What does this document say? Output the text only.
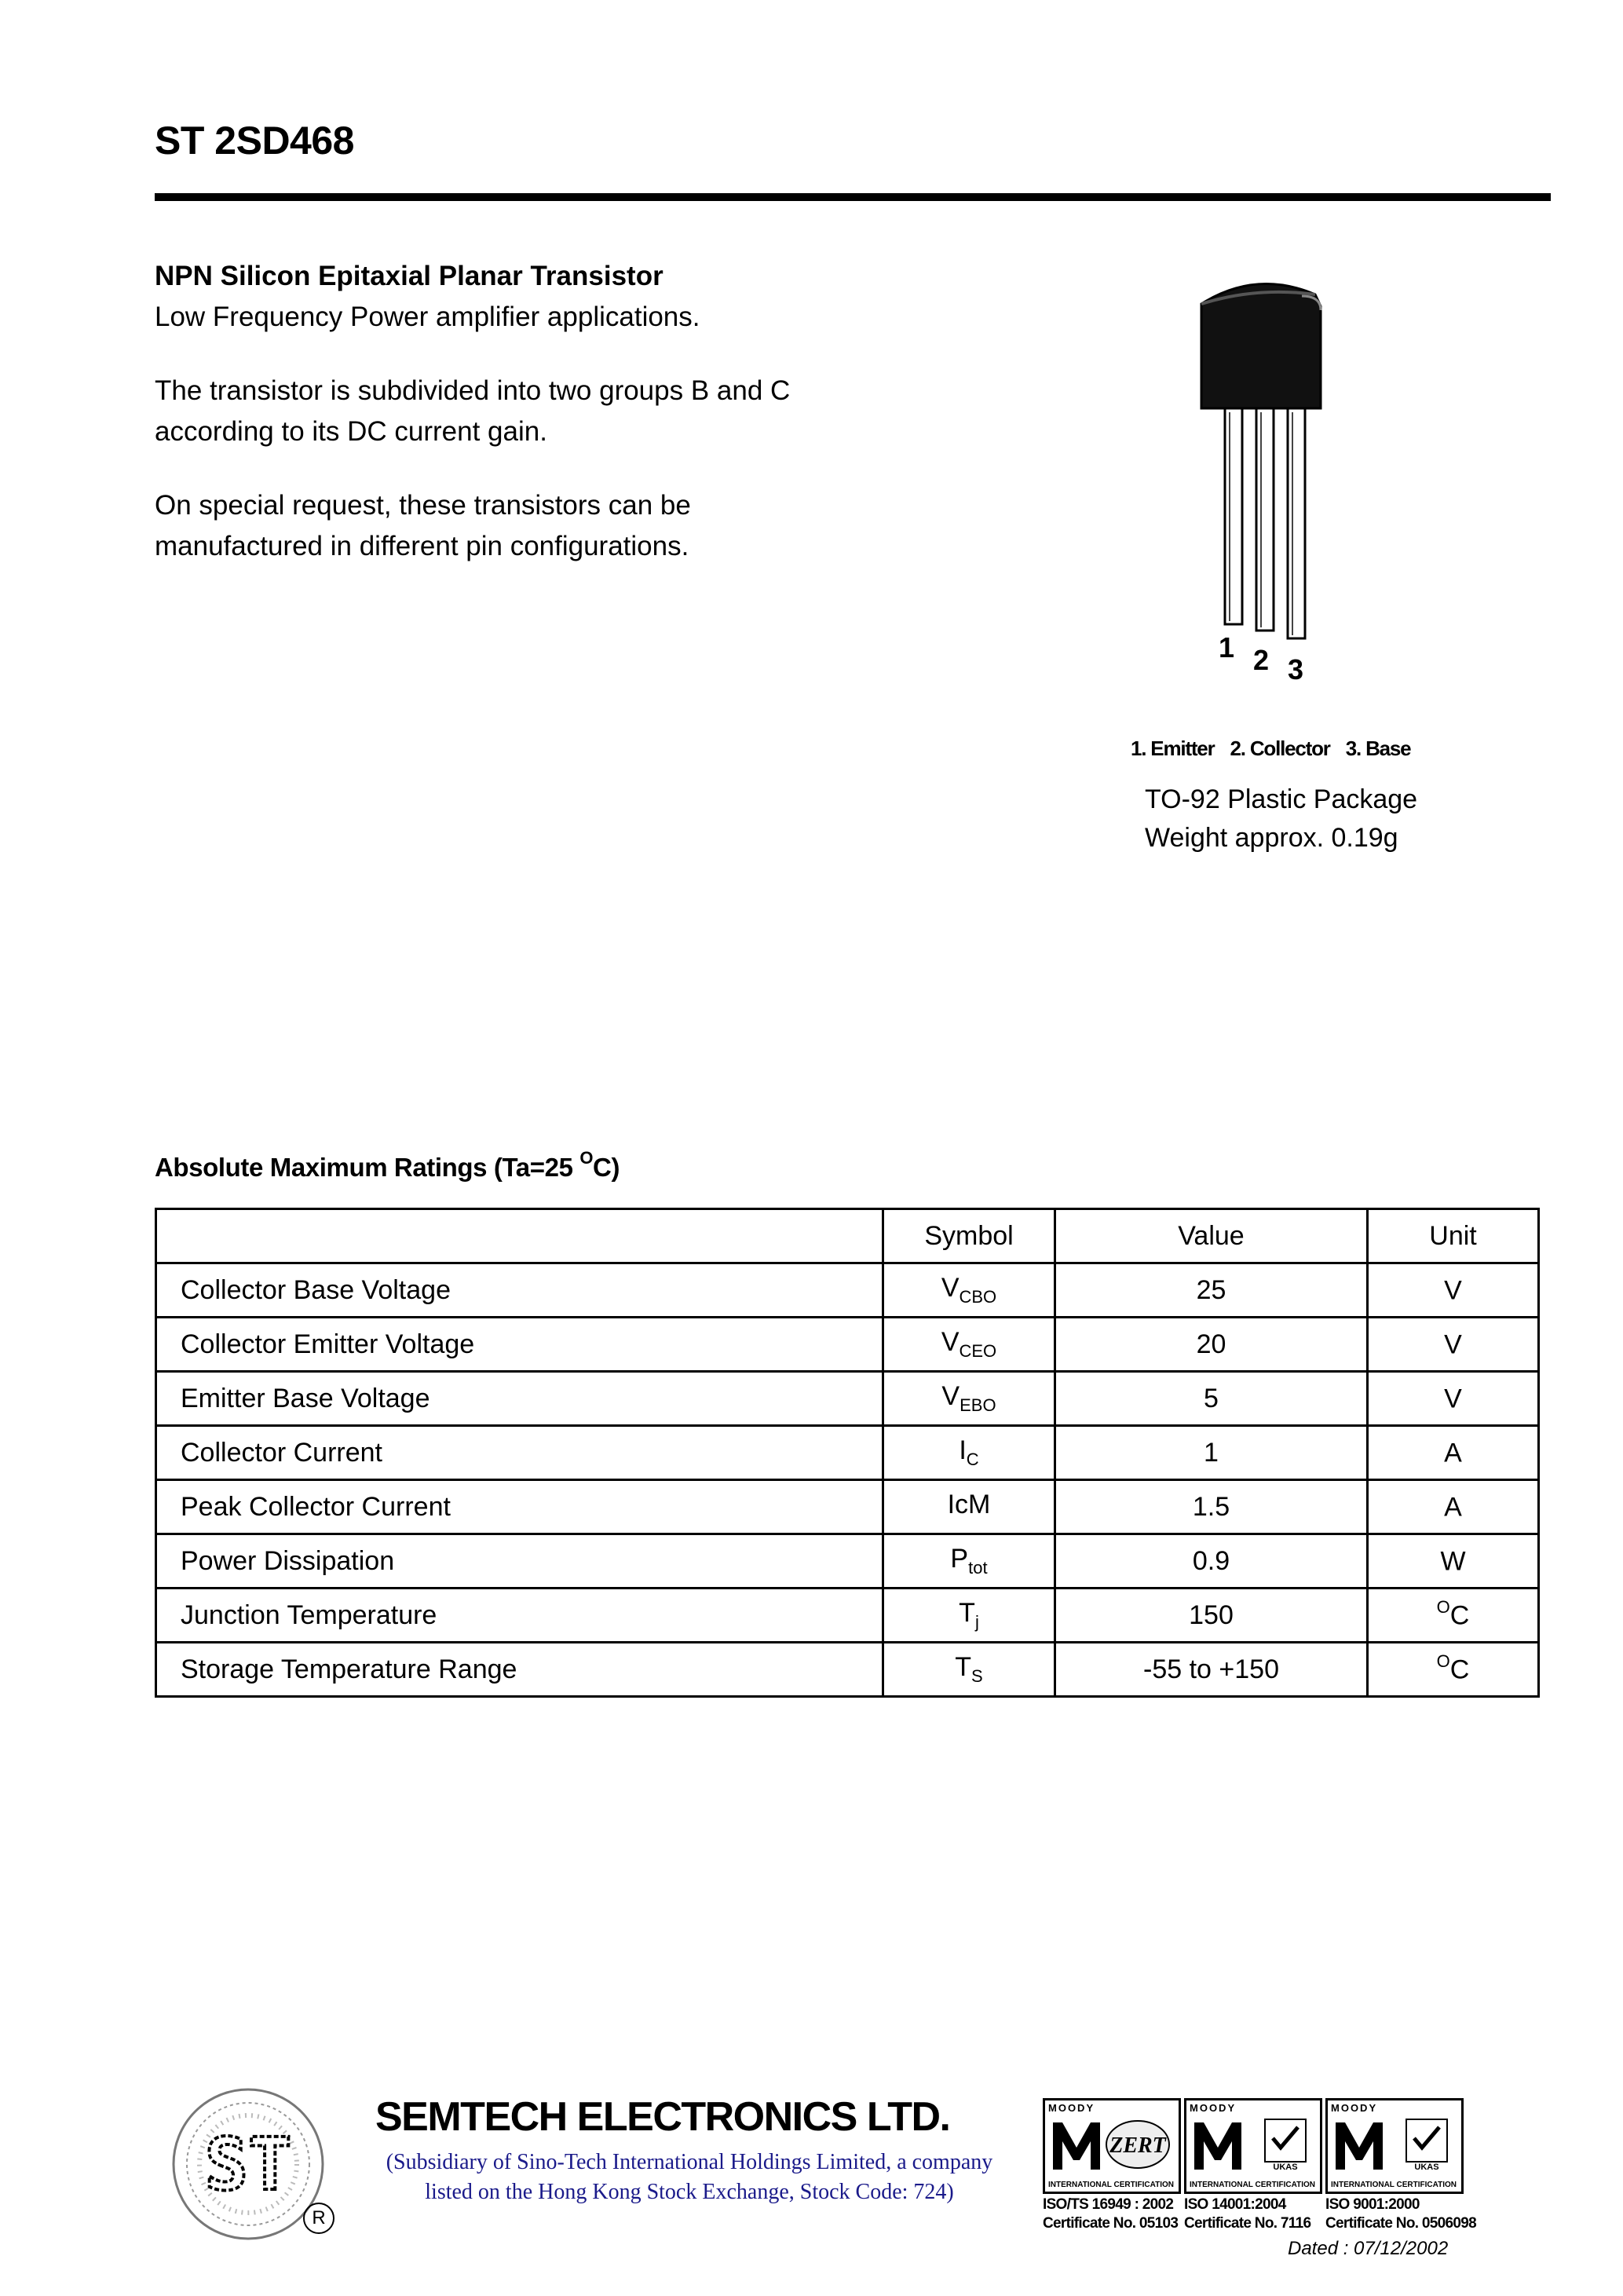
ST 2SD468

NPN Silicon Epitaxial Planar Transistor

Low Frequency Power amplifier applications.

The transistor is subdivided into two groups B and C

according to its DC current gain.

On special request, these transistors can be

manufactured in different pin configurations.

1 2 3
1. Emitter 2. Collector 3. Base
TO-92 Plastic Package
Weight approx. 0.19g
Absolute Maximum Ratings (Ta=25 $^O$C)
	Symbol	Value	Unit
Collector Base Voltage	$V_{CBO}$	25	V
Collector Emitter Voltage	$V_{CEO}$	20	V
Emitter Base Voltage	$V_{EBO}$	5	V
Collector Current	$I_C$	1	A
Peak Collector Current	IcM	1.5	A
Power Dissipation	$P_{tot}$	0.9	W
Junction Temperature	$T_j$	150	$^O$C
Storage Temperature Range	$T_S$	-55 to +150	$^O$C
ST
R
SEMTECH ELECTRONICS LTD.
(Subsidiary of Sino-Tech International Holdings Limited, a company
listed on the Hong Kong Stock Exchange, Stock Code: 724)
MOODY
ZERT
INTERNATIONAL CERTIFICATION
ISO/TS 16949 : 2002
Certificate No. 05103
MOODY
UKAS
INTERNATIONAL CERTIFICATION
ISO 14001:2004
Certificate No. 7116
MOODY
UKAS
INTERNATIONAL CERTIFICATION
ISO 9001:2000
Certificate No. 0506098
Dated : 07/12/2002
